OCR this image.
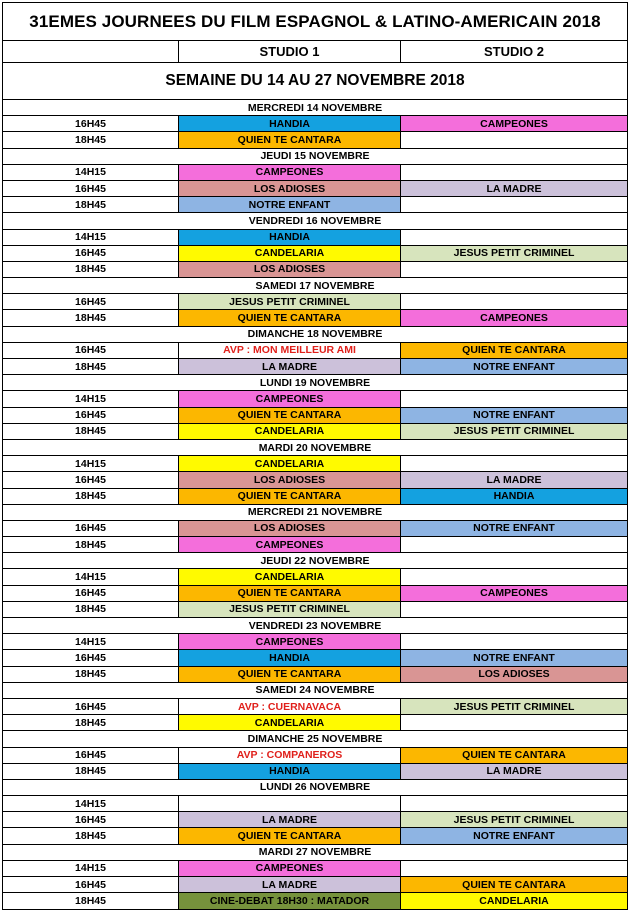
31EMES JOURNEES DU FILM ESPAGNOL & LATINO-AMERICAIN 2018
STUDIO 1	STUDIO 2
SEMAINE DU 14 AU 27 NOVEMBRE 2018
MERCREDI 14 NOVEMBRE
16H45	HANDIA	CAMPEONES
18H45	QUIEN TE CANTARA
JEUDI 15 NOVEMBRE
14H15	CAMPEONES
16H45	LOS ADIOSES	LA MADRE
18H45	NOTRE ENFANT
VENDREDI 16 NOVEMBRE
14H15	HANDIA
16H45	CANDELARIA	JESUS PETIT CRIMINEL
18H45	LOS ADIOSES
SAMEDI 17 NOVEMBRE
16H45	JESUS PETIT CRIMINEL
18H45	QUIEN TE CANTARA	CAMPEONES
DIMANCHE 18 NOVEMBRE
16H45	AVP : MON MEILLEUR AMI	QUIEN TE CANTARA
18H45	LA MADRE	NOTRE ENFANT
LUNDI 19 NOVEMBRE
14H15	CAMPEONES
16H45	QUIEN TE CANTARA	NOTRE ENFANT
18H45	CANDELARIA	JESUS PETIT CRIMINEL
MARDI 20 NOVEMBRE
14H15	CANDELARIA
16H45	LOS ADIOSES	LA MADRE
18H45	QUIEN TE CANTARA	HANDIA
MERCREDI 21 NOVEMBRE
16H45	LOS ADIOSES	NOTRE ENFANT
18H45	CAMPEONES
JEUDI 22 NOVEMBRE
14H15	CANDELARIA
16H45	QUIEN TE CANTARA	CAMPEONES
18H45	JESUS PETIT CRIMINEL
VENDREDI 23 NOVEMBRE
14H15	CAMPEONES
16H45	HANDIA	NOTRE ENFANT
18H45	QUIEN TE CANTARA	LOS ADIOSES
SAMEDI 24 NOVEMBRE
16H45	AVP : CUERNAVACA	JESUS PETIT CRIMINEL
18H45	CANDELARIA
DIMANCHE 25 NOVEMBRE
16H45	AVP : COMPANEROS	QUIEN TE CANTARA
18H45	HANDIA	LA MADRE
LUNDI 26 NOVEMBRE
14H15
16H45	LA MADRE	JESUS PETIT CRIMINEL
18H45	QUIEN TE CANTARA	NOTRE ENFANT
MARDI 27 NOVEMBRE
14H15	CAMPEONES
16H45	LA MADRE	QUIEN TE CANTARA
18H45	CINE-DEBAT 18H30 : MATADOR	CANDELARIA
